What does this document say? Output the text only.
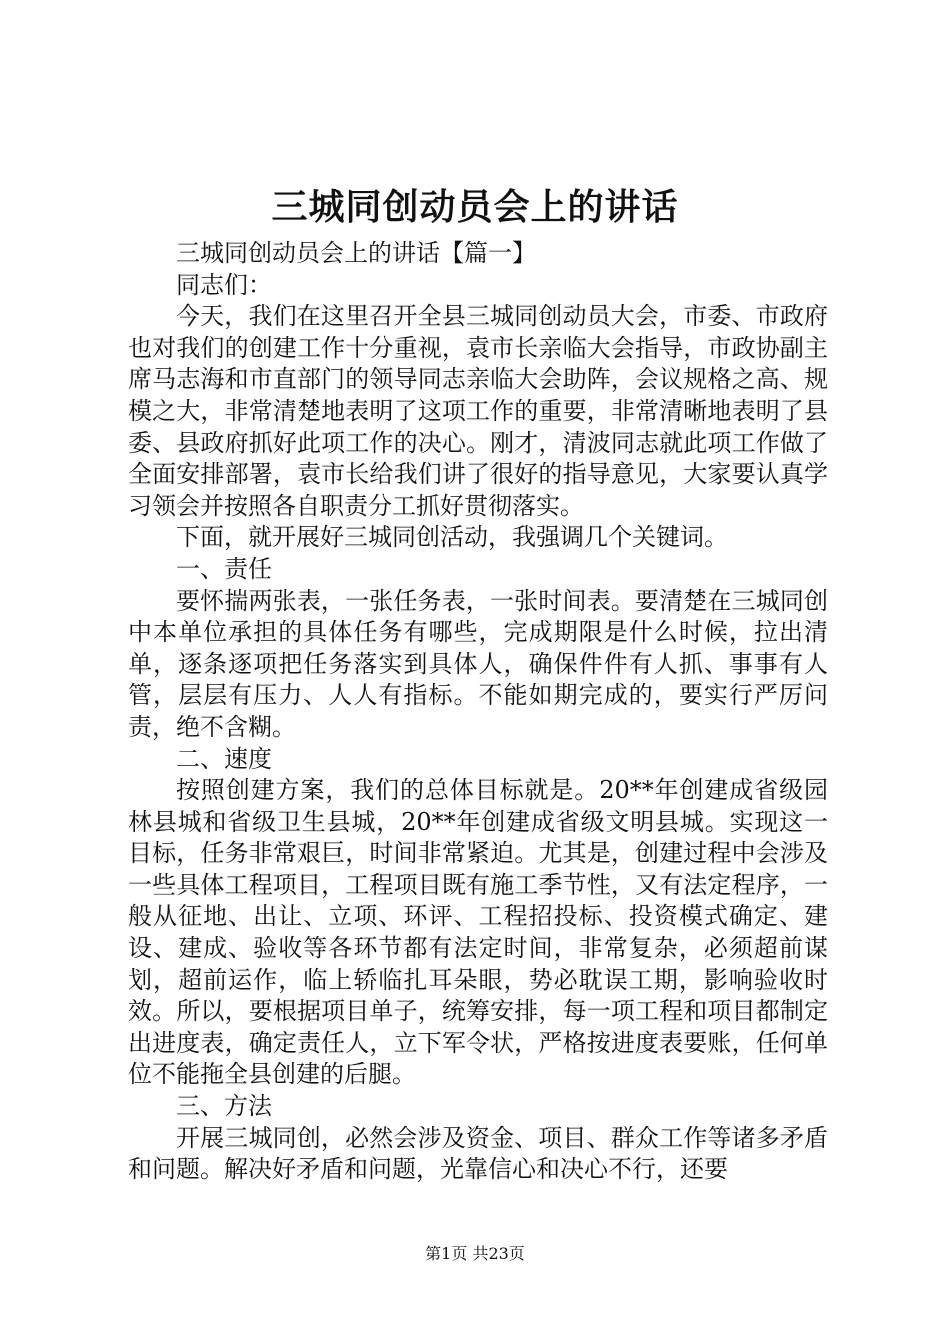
三城同创动员会上的讲话

三城同创动员会上的讲话【篇一】

同志们：

今天，我们在这里召开全县三城同创动员大会，市委、市政府也对我们的创建工作十分重视，袁市长亲临大会指导，市政协副主席马志海和市直部门的领导同志亲临大会助阵，会议规格之高、规模之大，非常清楚地表明了这项工作的重要，非常清晰地表明了县委、县政府抓好此项工作的决心。刚才，清波同志就此项工作做了全面安排部署，袁市长给我们讲了很好的指导意见，大家要认真学习领会并按照各自职责分工抓好贯彻落实。

下面，就开展好三城同创活动，我强调几个关键词。

一、责任

要怀揣两张表，一张任务表，一张时间表。要清楚在三城同创中本单位承担的具体任务有哪些，完成期限是什么时候，拉出清单，逐条逐项把任务落实到具体人，确保件件有人抓、事事有人管，层层有压力、人人有指标。不能如期完成的，要实行严厉问责，绝不含糊。

二、速度

按照创建方案，我们的总体目标就是。20**年创建成省级园林县城和省级卫生县城，20**年创建成省级文明县城。实现这一目标，任务非常艰巨，时间非常紧迫。尤其是，创建过程中会涉及一些具体工程项目，工程项目既有施工季节性，又有法定程序，一般从征地、出让、立项、环评、工程招投标、投资模式确定、建设、建成、验收等各环节都有法定时间，非常复杂，必须超前谋划，超前运作，临上轿临扎耳朵眼，势必耽误工期，影响验收时效。所以，要根据项目单子，统筹安排，每一项工程和项目都制定出进度表，确定责任人，立下军令状，严格按进度表要账，任何单位不能拖全县创建的后腿。

三、方法

开展三城同创，必然会涉及资金、项目、群众工作等诸多矛盾和问题。解决好矛盾和问题，光靠信心和决心不行，还要

第1页 共23页
